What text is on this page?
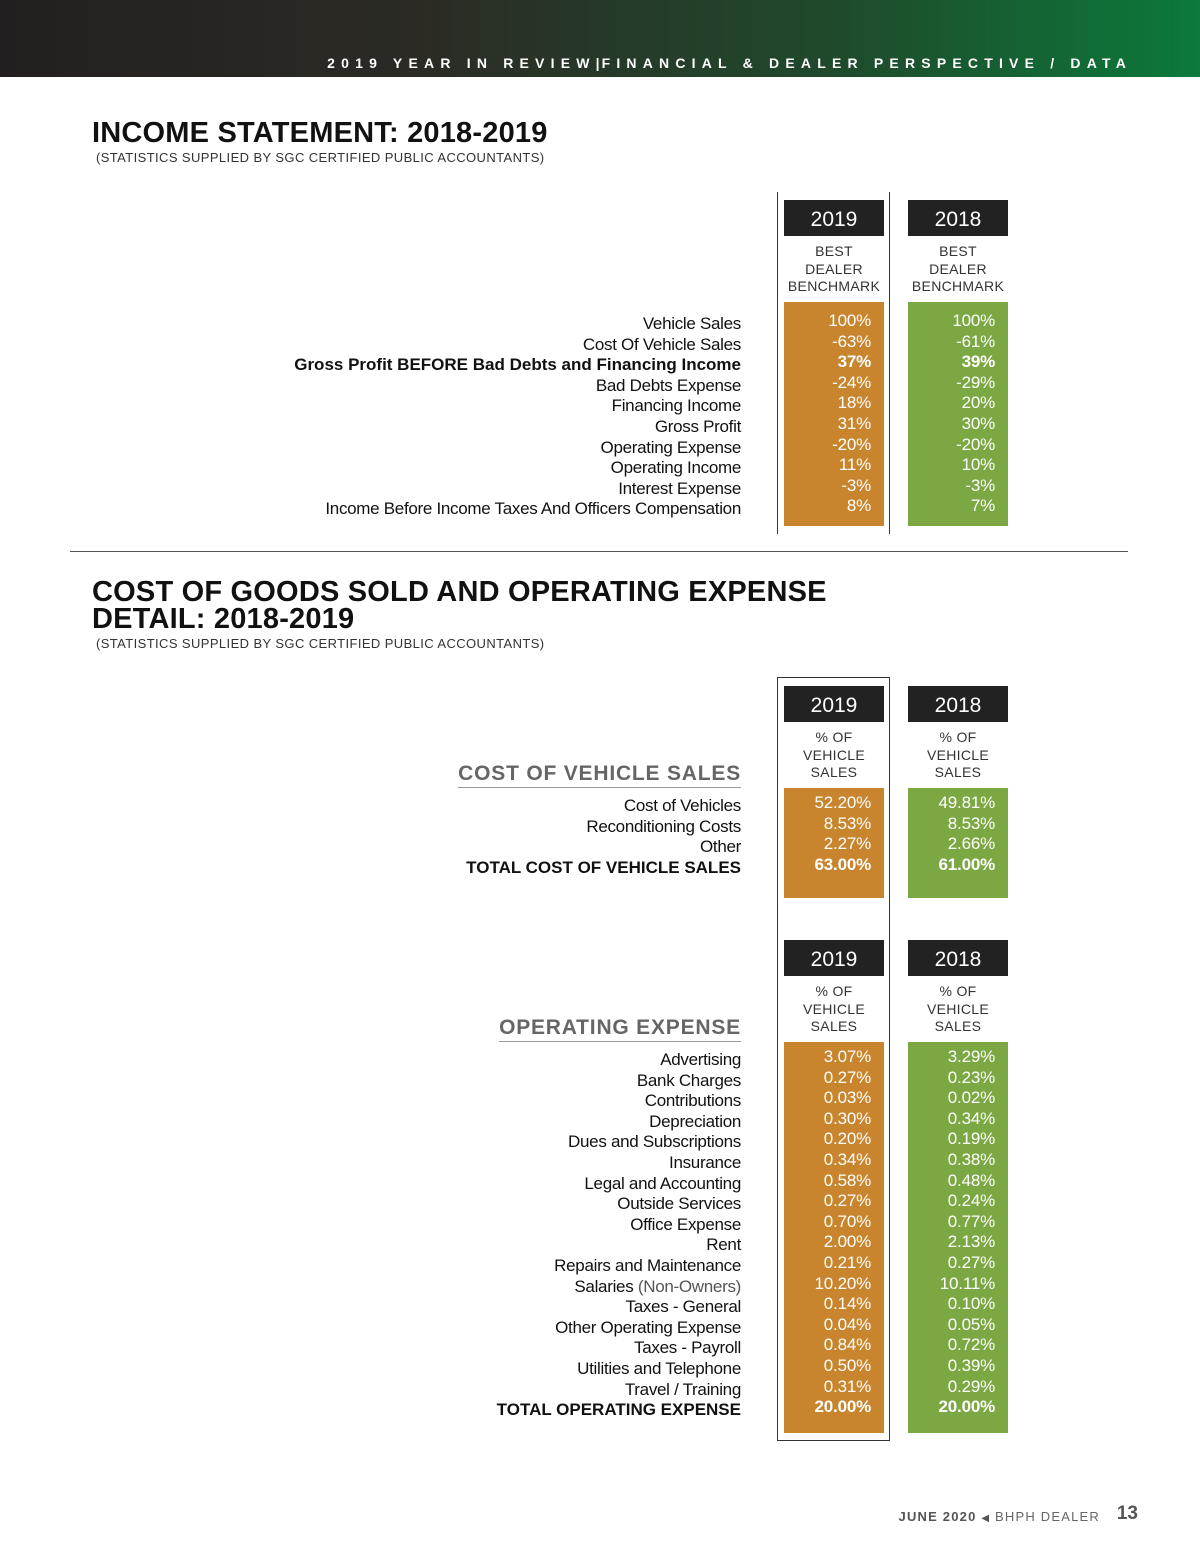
2019 YEAR IN REVIEW|FINANCIAL & DEALER PERSPECTIVE / DATA
INCOME STATEMENT: 2018-2019
(STATISTICS SUPPLIED BY SGC CERTIFIED PUBLIC ACCOUNTANTS)
2019	2018
BEST
DEALER
BENCHMARK
BEST
DEALER
BENCHMARK
Vehicle Sales	100%	100%
Cost Of Vehicle Sales	-63%	-61%
Gross Profit BEFORE Bad Debts and Financing Income	37%	39%
Bad Debts Expense	-24%	-29%
Financing Income	18%	20%
Gross Profit	31%	30%
Operating Expense	-20%	-20%
Operating Income	11%	10%
Interest Expense	-3%	-3%
Income Before Income Taxes And Officers Compensation	8%	7%
COST OF GOODS SOLD AND OPERATING EXPENSE
DETAIL: 2018-2019
(STATISTICS SUPPLIED BY SGC CERTIFIED PUBLIC ACCOUNTANTS)
2019	2018
% OF
VEHICLE
SALES
% OF
VEHICLE
SALES
COST OF VEHICLE SALES
Cost of Vehicles	52.20%	49.81%
Reconditioning Costs	8.53%	8.53%
Other	2.27%	2.66%
TOTAL COST OF VEHICLE SALES	63.00%	61.00%
2019	2018
% OF
VEHICLE
SALES
% OF
VEHICLE
SALES
OPERATING EXPENSE
Advertising	3.07%	3.29%
Bank Charges	0.27%	0.23%
Contributions	0.03%	0.02%
Depreciation	0.30%	0.34%
Dues and Subscriptions	0.20%	0.19%
Insurance	0.34%	0.38%
Legal and Accounting	0.58%	0.48%
Outside Services	0.27%	0.24%
Office Expense	0.70%	0.77%
Rent	2.00%	2.13%
Repairs and Maintenance	0.21%	0.27%
Salaries (Non-Owners)	10.20%	10.11%
Taxes - General	0.14%	0.10%
Other Operating Expense	0.04%	0.05%
Taxes - Payroll	0.84%	0.72%
Utilities and Telephone	0.50%	0.39%
Travel / Training	0.31%	0.29%
TOTAL OPERATING EXPENSE	20.00%	20.00%
JUNE 2020 ◀ BHPH DEALER 13
